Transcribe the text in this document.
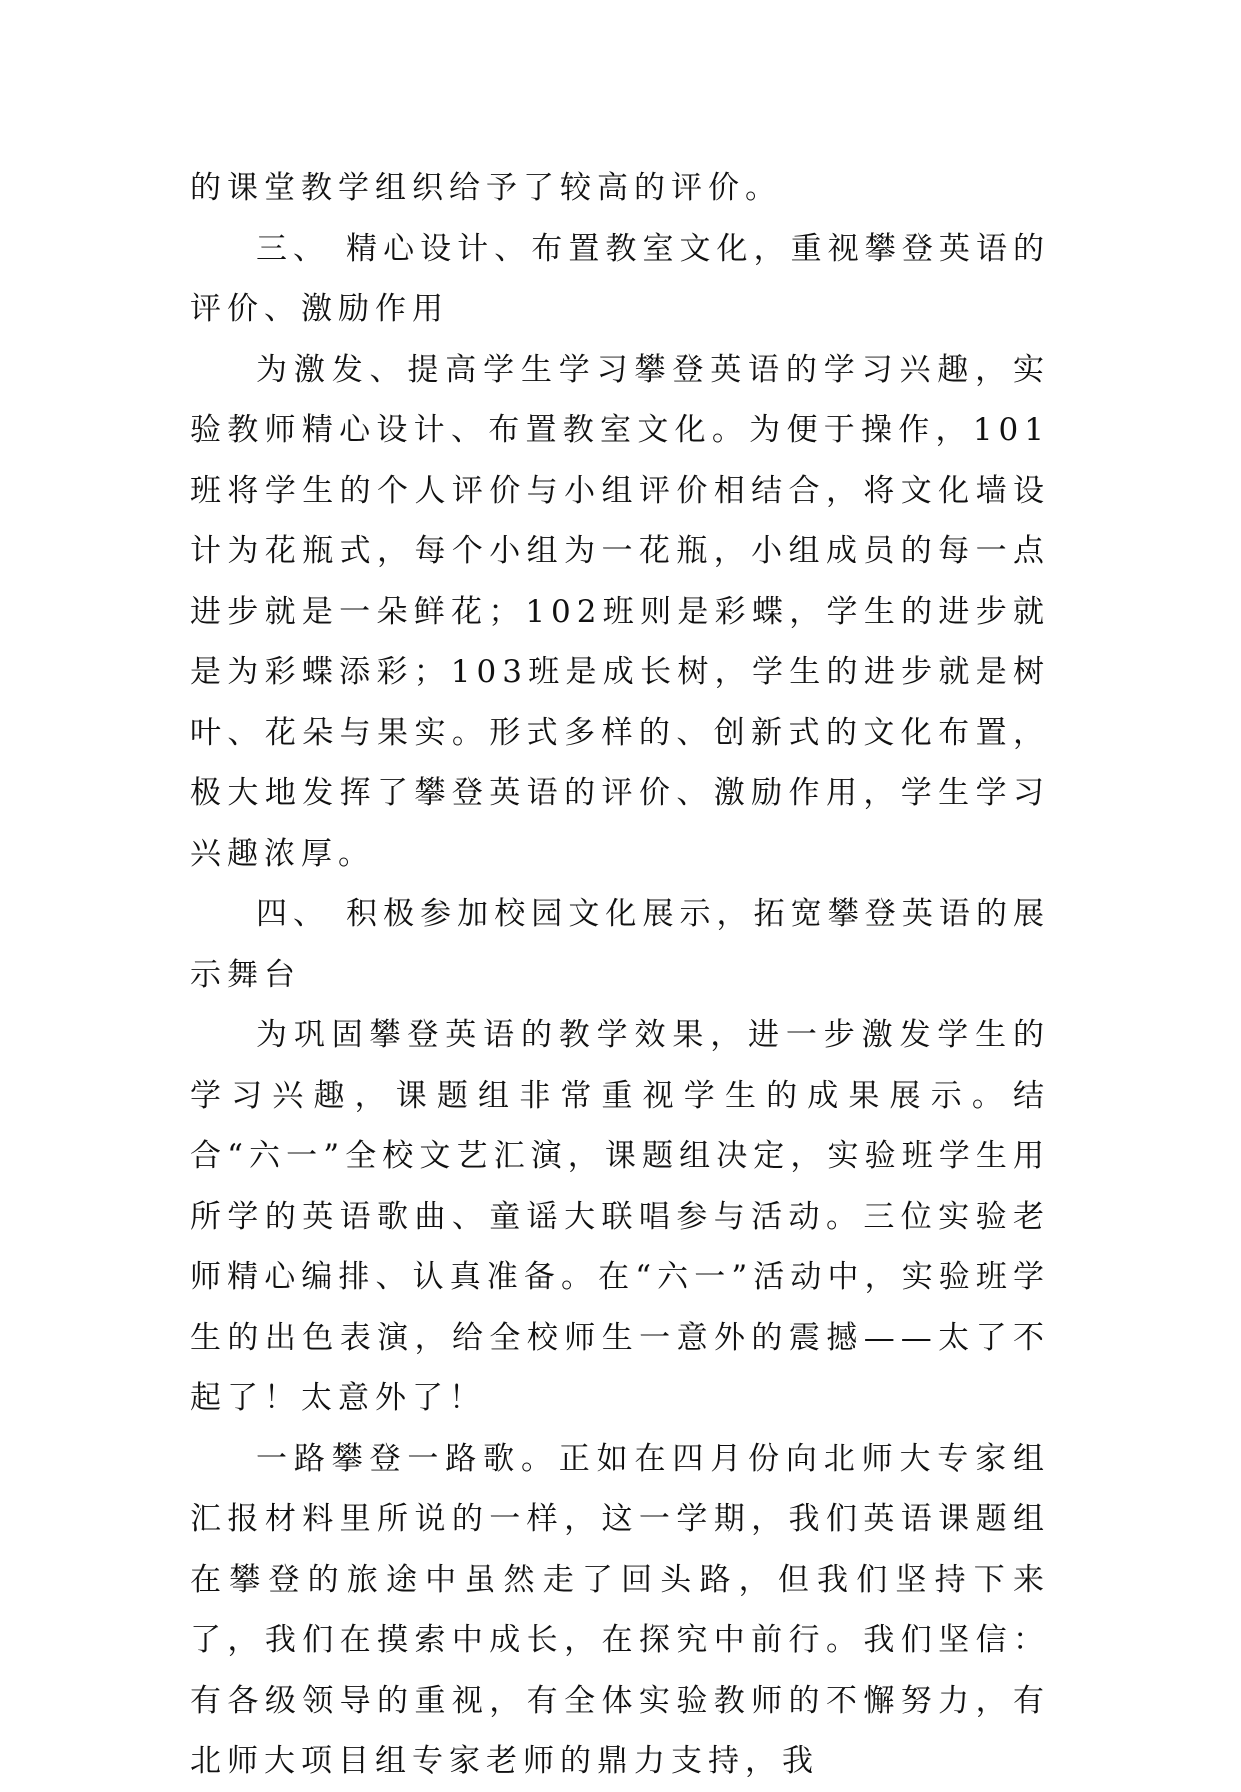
的课堂教学组织给予了较高的评价。

三、 精心设计、布置教室文化，重视攀登英语的评价、激励作用

为激发、提高学生学习攀登英语的学习兴趣，实验教师精心设计、布置教室文化。为便于操作，101班将学生的个人评价与小组评价相结合，将文化墙设计为花瓶式，每个小组为一花瓶，小组成员的每一点进步就是一朵鲜花；102班则是彩蝶，学生的进步就是为彩蝶添彩；103班是成长树，学生的进步就是树叶、花朵与果实。形式多样的、创新式的文化布置，极大地发挥了攀登英语的评价、激励作用，学生学习兴趣浓厚。

四、 积极参加校园文化展示，拓宽攀登英语的展示舞台

为巩固攀登英语的教学效果，进一步激发学生的学习兴趣，课题组非常重视学生的成果展示。结合“六一”全校文艺汇演，课题组决定，实验班学生用所学的英语歌曲、童谣大联唱参与活动。三位实验老师精心编排、认真准备。在“六一”活动中，实验班学生的出色表演，给全校师生一意外的震撼——太了不起了！太意外了！

一路攀登一路歌。正如在四月份向北师大专家组汇报材料里所说的一样，这一学期，我们英语课题组在攀登的旅途中虽然走了回头路，但我们坚持下来了，我们在摸索中成长，在探究中前行。我们坚信：有各级领导的重视，有全体实验教师的不懈努力，有北师大项目组专家老师的鼎力支持，我
